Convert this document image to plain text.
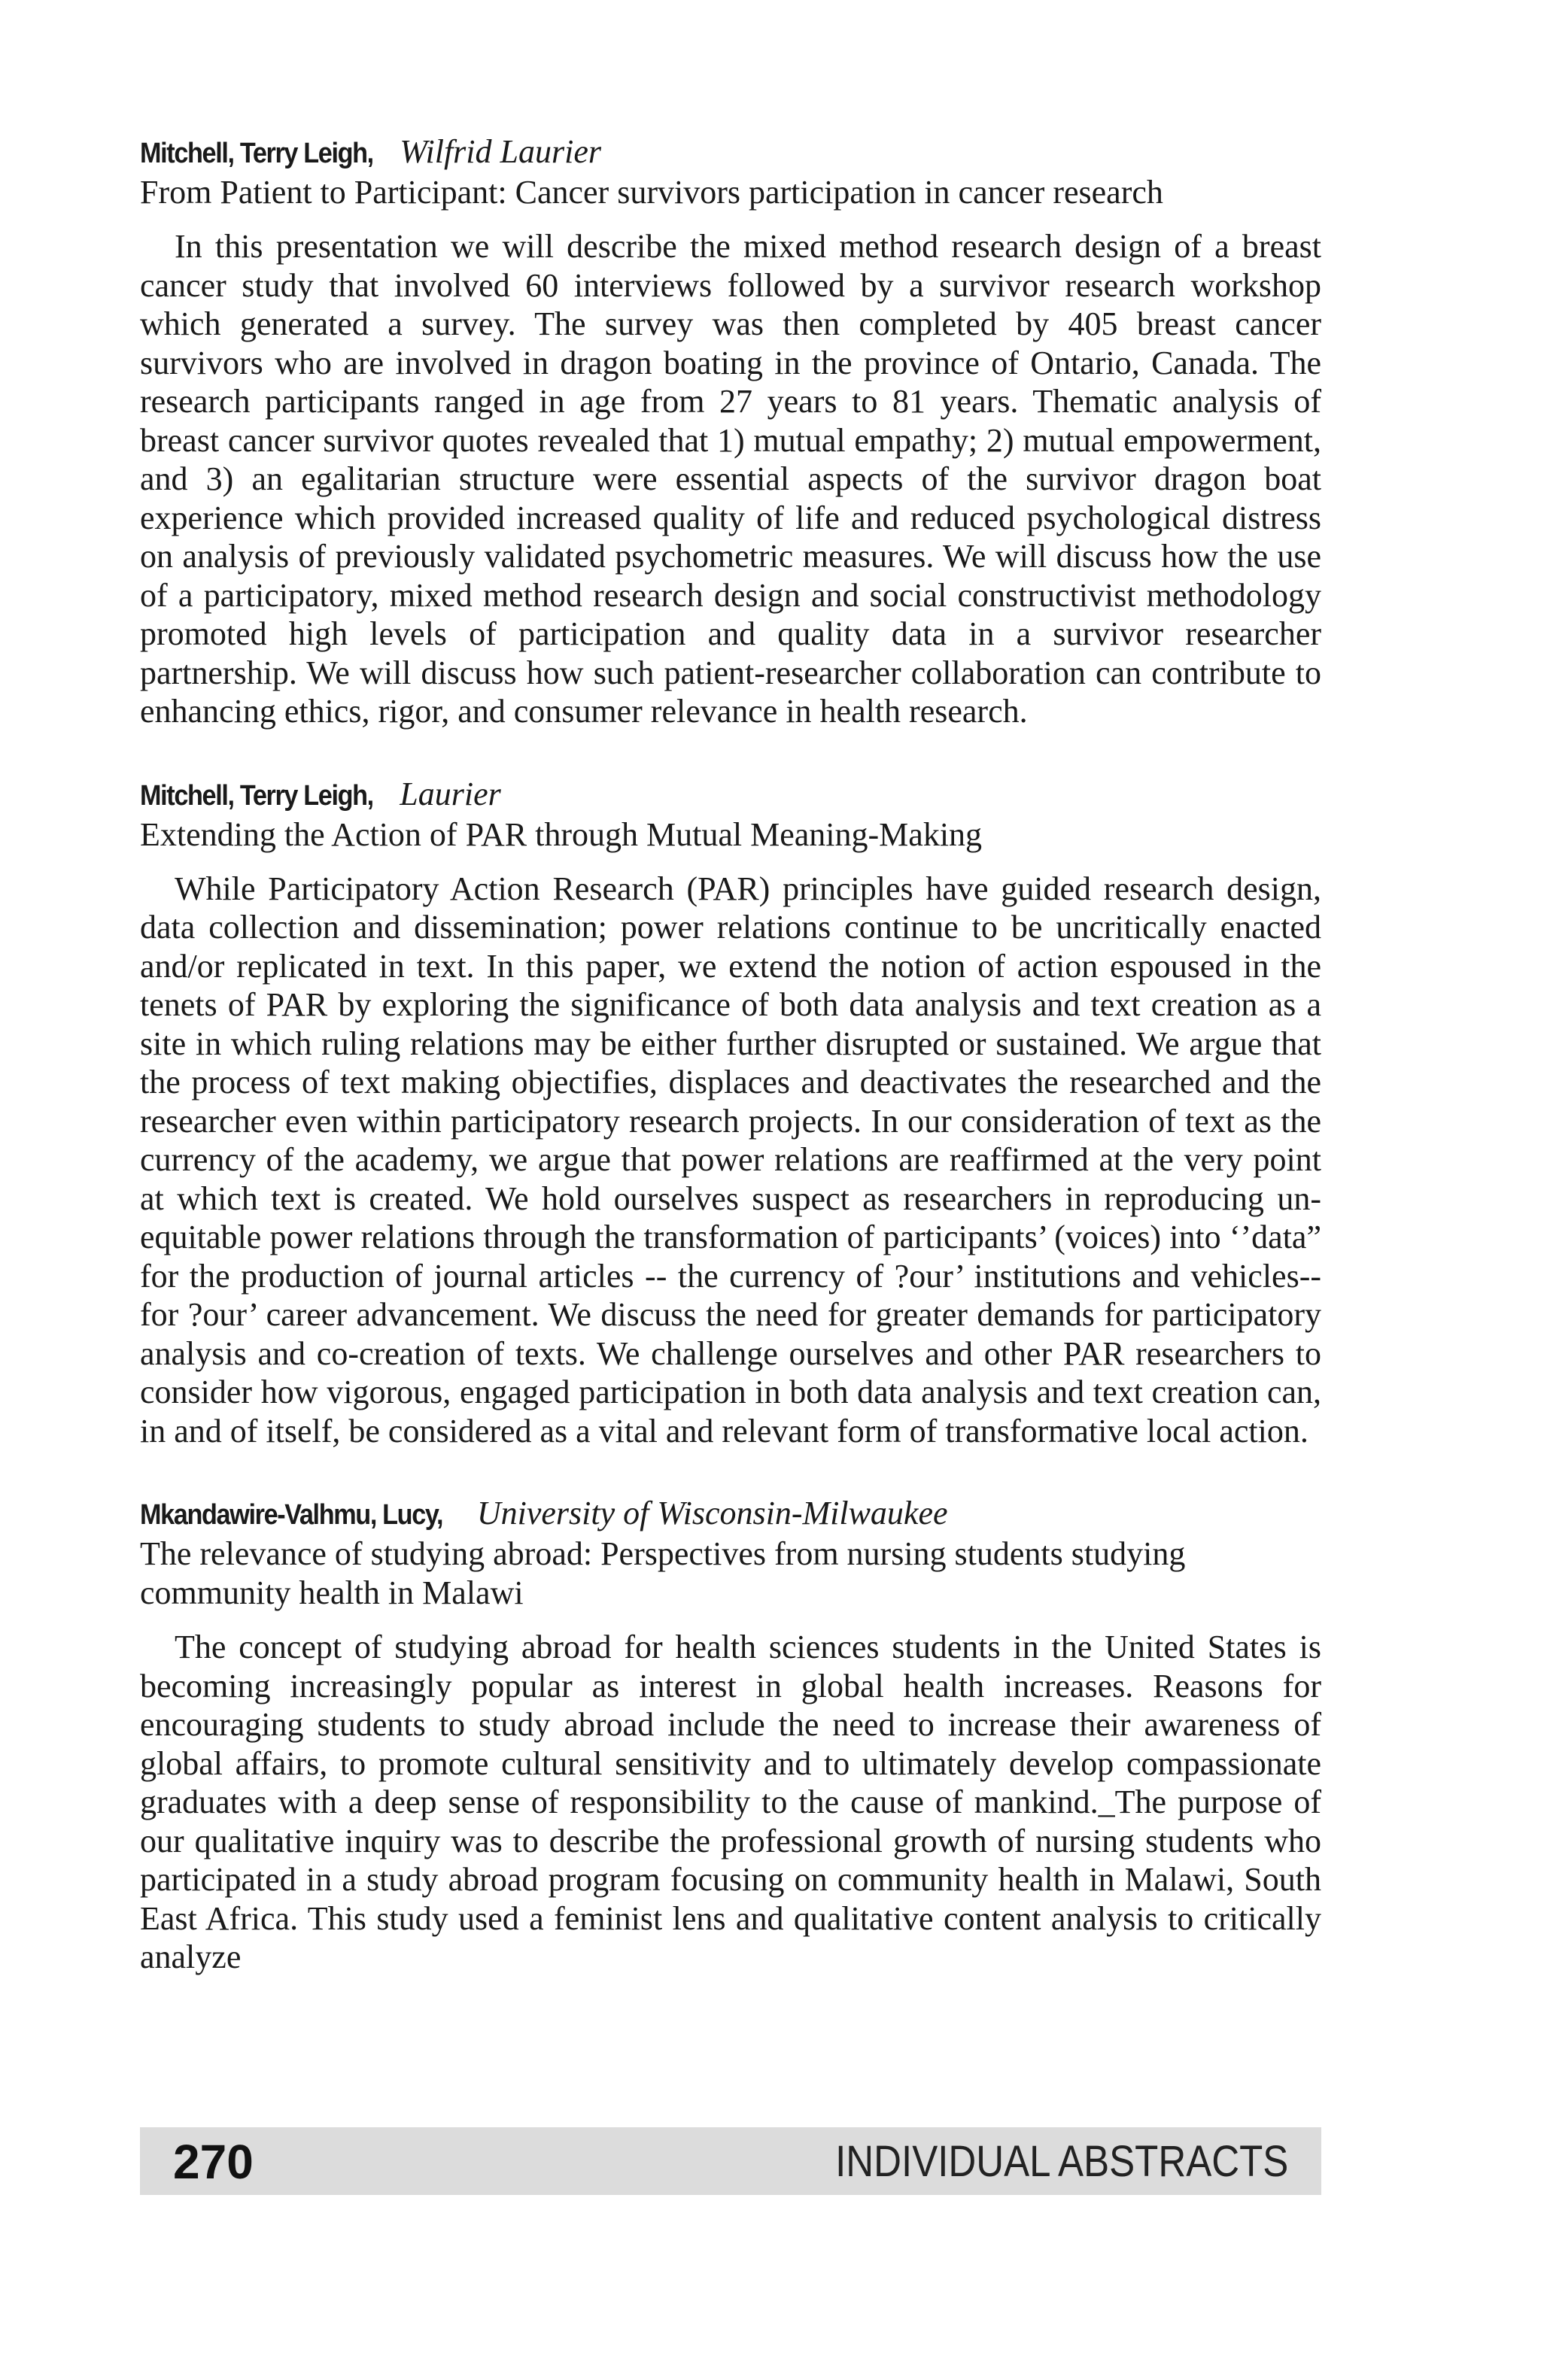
Mitchell, Terry Leigh, Wilfrid Laurier
From Patient to Participant: Cancer survivors participation in cancer research

In this presentation we will describe the mixed method research design of a breast cancer study that involved 60 interviews followed by a survivor research workshop which generated a survey. The survey was then completed by 405 breast cancer survivors who are involved in dragon boating in the province of Ontario, Canada. The research participants ranged in age from 27 years to 81 years. Thematic analysis of breast cancer survivor quotes revealed that 1) mutual empathy; 2) mutual empowerment, and 3) an egalitarian structure were essential aspects of the survivor dragon boat experience which provided increased quality of life and reduced psychological distress on analysis of previously validated psychometric measures. We will discuss how the use of a participatory, mixed method research design and social constructivist methodology promoted high levels of participation and quality data in a survivor researcher partnership. We will discuss how such patient-researcher collaboration can contribute to enhancing ethics, rigor, and consumer relevance in health research.

Mitchell, Terry Leigh, Laurier
Extending the Action of PAR through Mutual Meaning-Making

While Participatory Action Research (PAR) principles have guided research design, data collection and dissemination; power relations continue to be uncritically enacted and/or replicated in text. In this paper, we extend the notion of action espoused in the tenets of PAR by exploring the significance of both data analysis and text creation as a site in which ruling relations may be either further disrupted or sustained. We argue that the process of text making objectifies, displaces and deactivates the researched and the researcher even within participatory research projects. In our consideration of text as the currency of the academy, we argue that power relations are reaffirmed at the very point at which text is created. We hold ourselves suspect as researchers in reproducing un-equitable power relations through the transformation of participants’ (voices) into ‘’data” for the production of journal articles -- the currency of ?our’ institutions and vehicles-- for ?our’ career advancement. We discuss the need for greater demands for participatory analysis and co-creation of texts. We challenge ourselves and other PAR researchers to consider how vigorous, engaged participation in both data analysis and text creation can, in and of itself, be considered as a vital and relevant form of transformative local action.

Mkandawire-Valhmu, Lucy, University of Wisconsin-Milwaukee
The relevance of studying abroad: Perspectives from nursing students studying community health in Malawi

The concept of studying abroad for health sciences students in the United States is becoming increasingly popular as interest in global health increases. Reasons for encouraging students to study abroad include the need to increase their awareness of global affairs, to promote cultural sensitivity and to ultimately develop compassionate graduates with a deep sense of responsibility to the cause of mankind._The purpose of our qualitative inquiry was to describe the professional growth of nursing students who participated in a study abroad program focusing on community health in Malawi, South East Africa. This study used a feminist lens and qualitative content analysis to critically analyze

270	INDIVIDUAL ABSTRACTS
